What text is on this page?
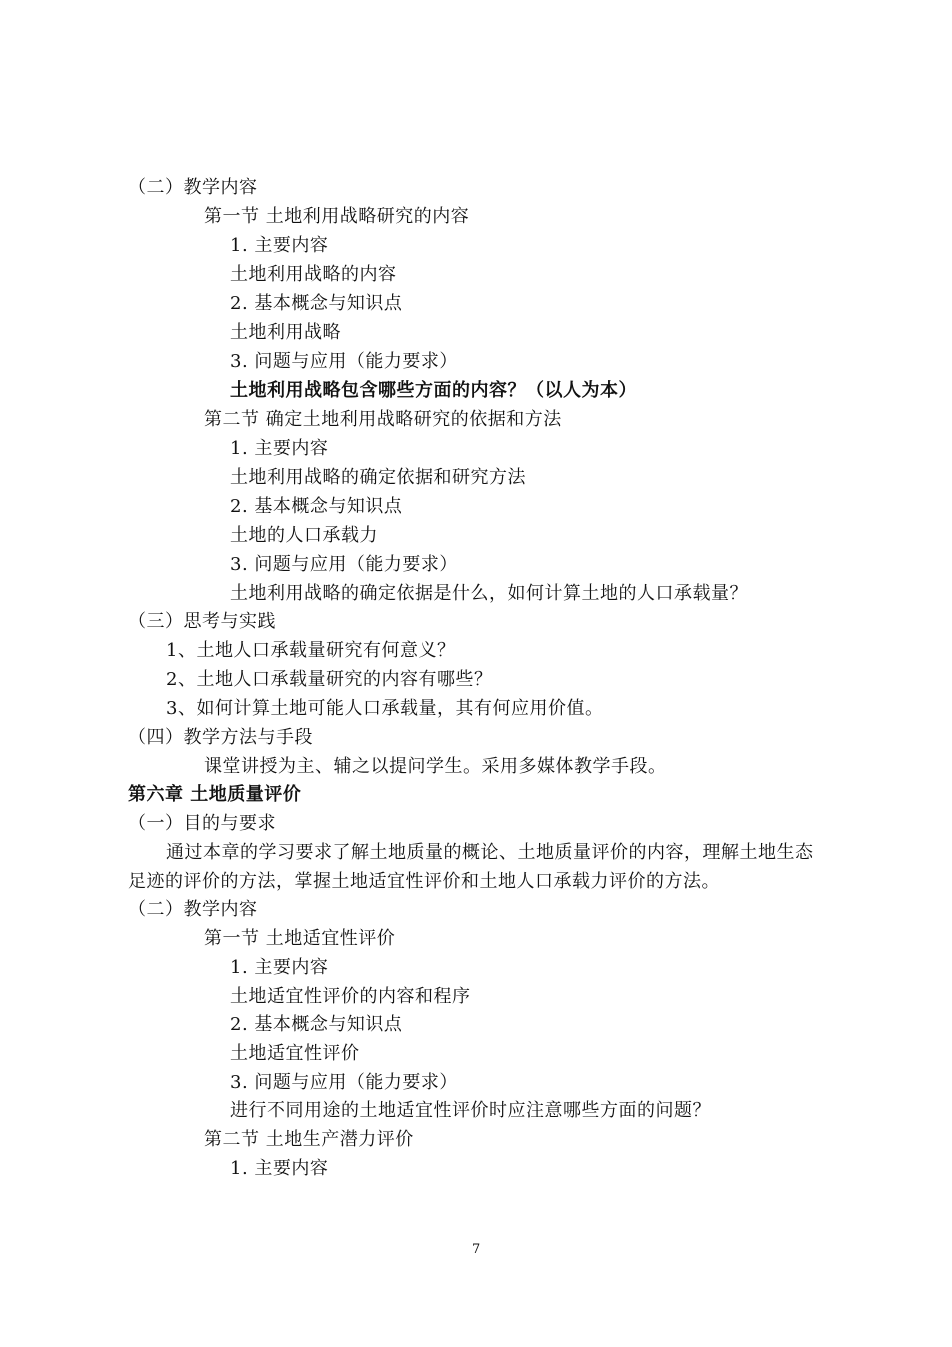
（二）教学内容
第一节 土地利用战略研究的内容
1. 主要内容
土地利用战略的内容
2. 基本概念与知识点
土地利用战略
3. 问题与应用（能力要求）
土地利用战略包含哪些方面的内容？（以人为本）
第二节 确定土地利用战略研究的依据和方法
1. 主要内容
土地利用战略的确定依据和研究方法
2. 基本概念与知识点
土地的人口承载力
3. 问题与应用（能力要求）
土地利用战略的确定依据是什么，如何计算土地的人口承载量？
（三）思考与实践
1、土地人口承载量研究有何意义？
2、土地人口承载量研究的内容有哪些？
3、如何计算土地可能人口承载量，其有何应用价值。
（四）教学方法与手段
课堂讲授为主、辅之以提问学生。采用多媒体教学手段。
第六章 土地质量评价
（一）目的与要求
通过本章的学习要求了解土地质量的概论、土地质量评价的内容，理解土地生态
足迹的评价的方法，掌握土地适宜性评价和土地人口承载力评价的方法。
（二）教学内容
第一节 土地适宜性评价
1. 主要内容
土地适宜性评价的内容和程序
2. 基本概念与知识点
土地适宜性评价
3. 问题与应用（能力要求）
进行不同用途的土地适宜性评价时应注意哪些方面的问题？
第二节 土地生产潜力评价
1. 主要内容
7
